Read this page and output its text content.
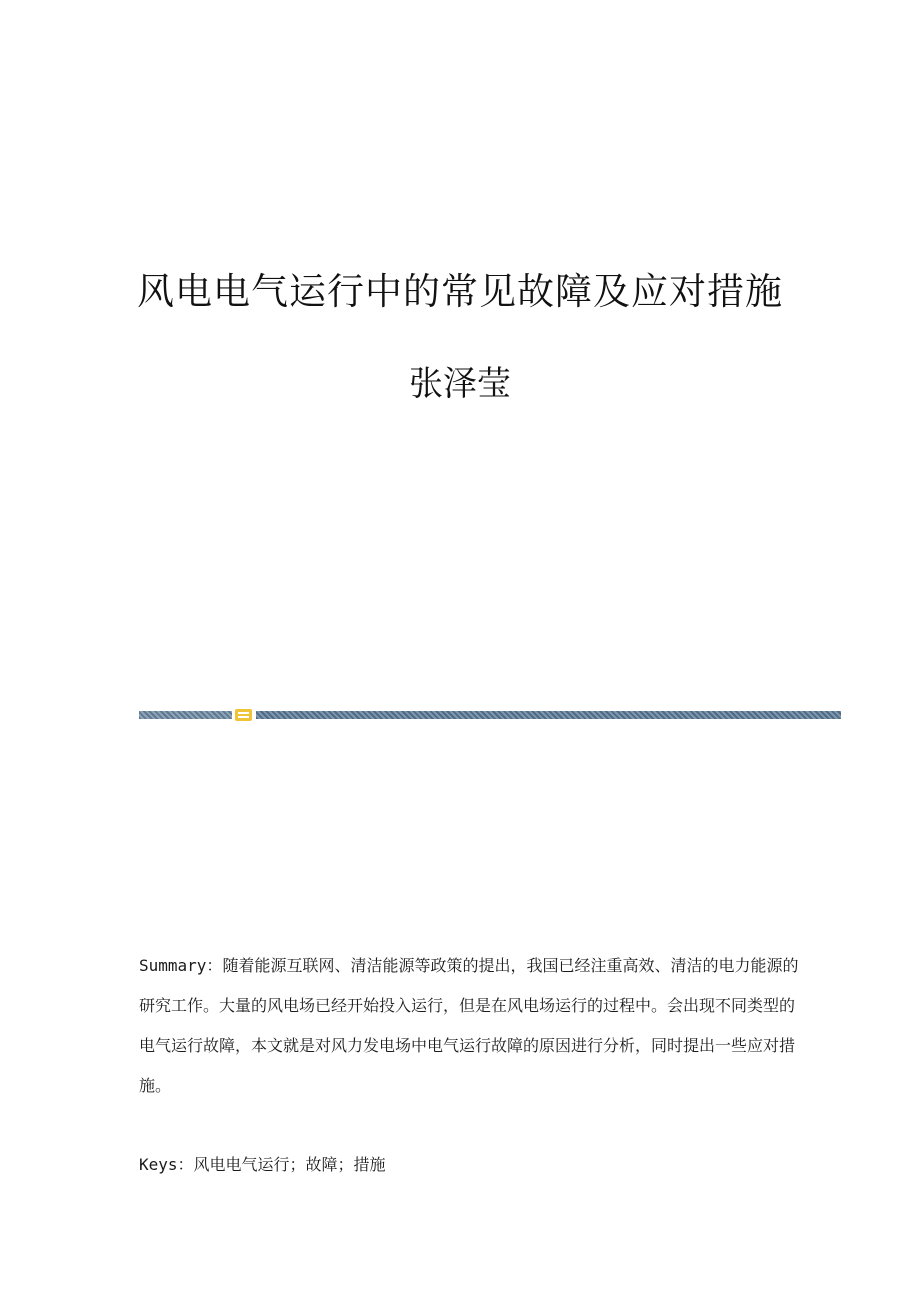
风电电气运行中的常见故障及应对措施
张泽莹
Summary：随着能源互联网、清洁能源等政策的提出，我国已经注重高效、清洁的电力能源的研究工作。大量的风电场已经开始投入运行，但是在风电场运行的过程中。会出现不同类型的电气运行故障，本文就是对风力发电场中电气运行故障的原因进行分析，同时提出一些应对措施。
Keys：风电电气运行；故障；措施
